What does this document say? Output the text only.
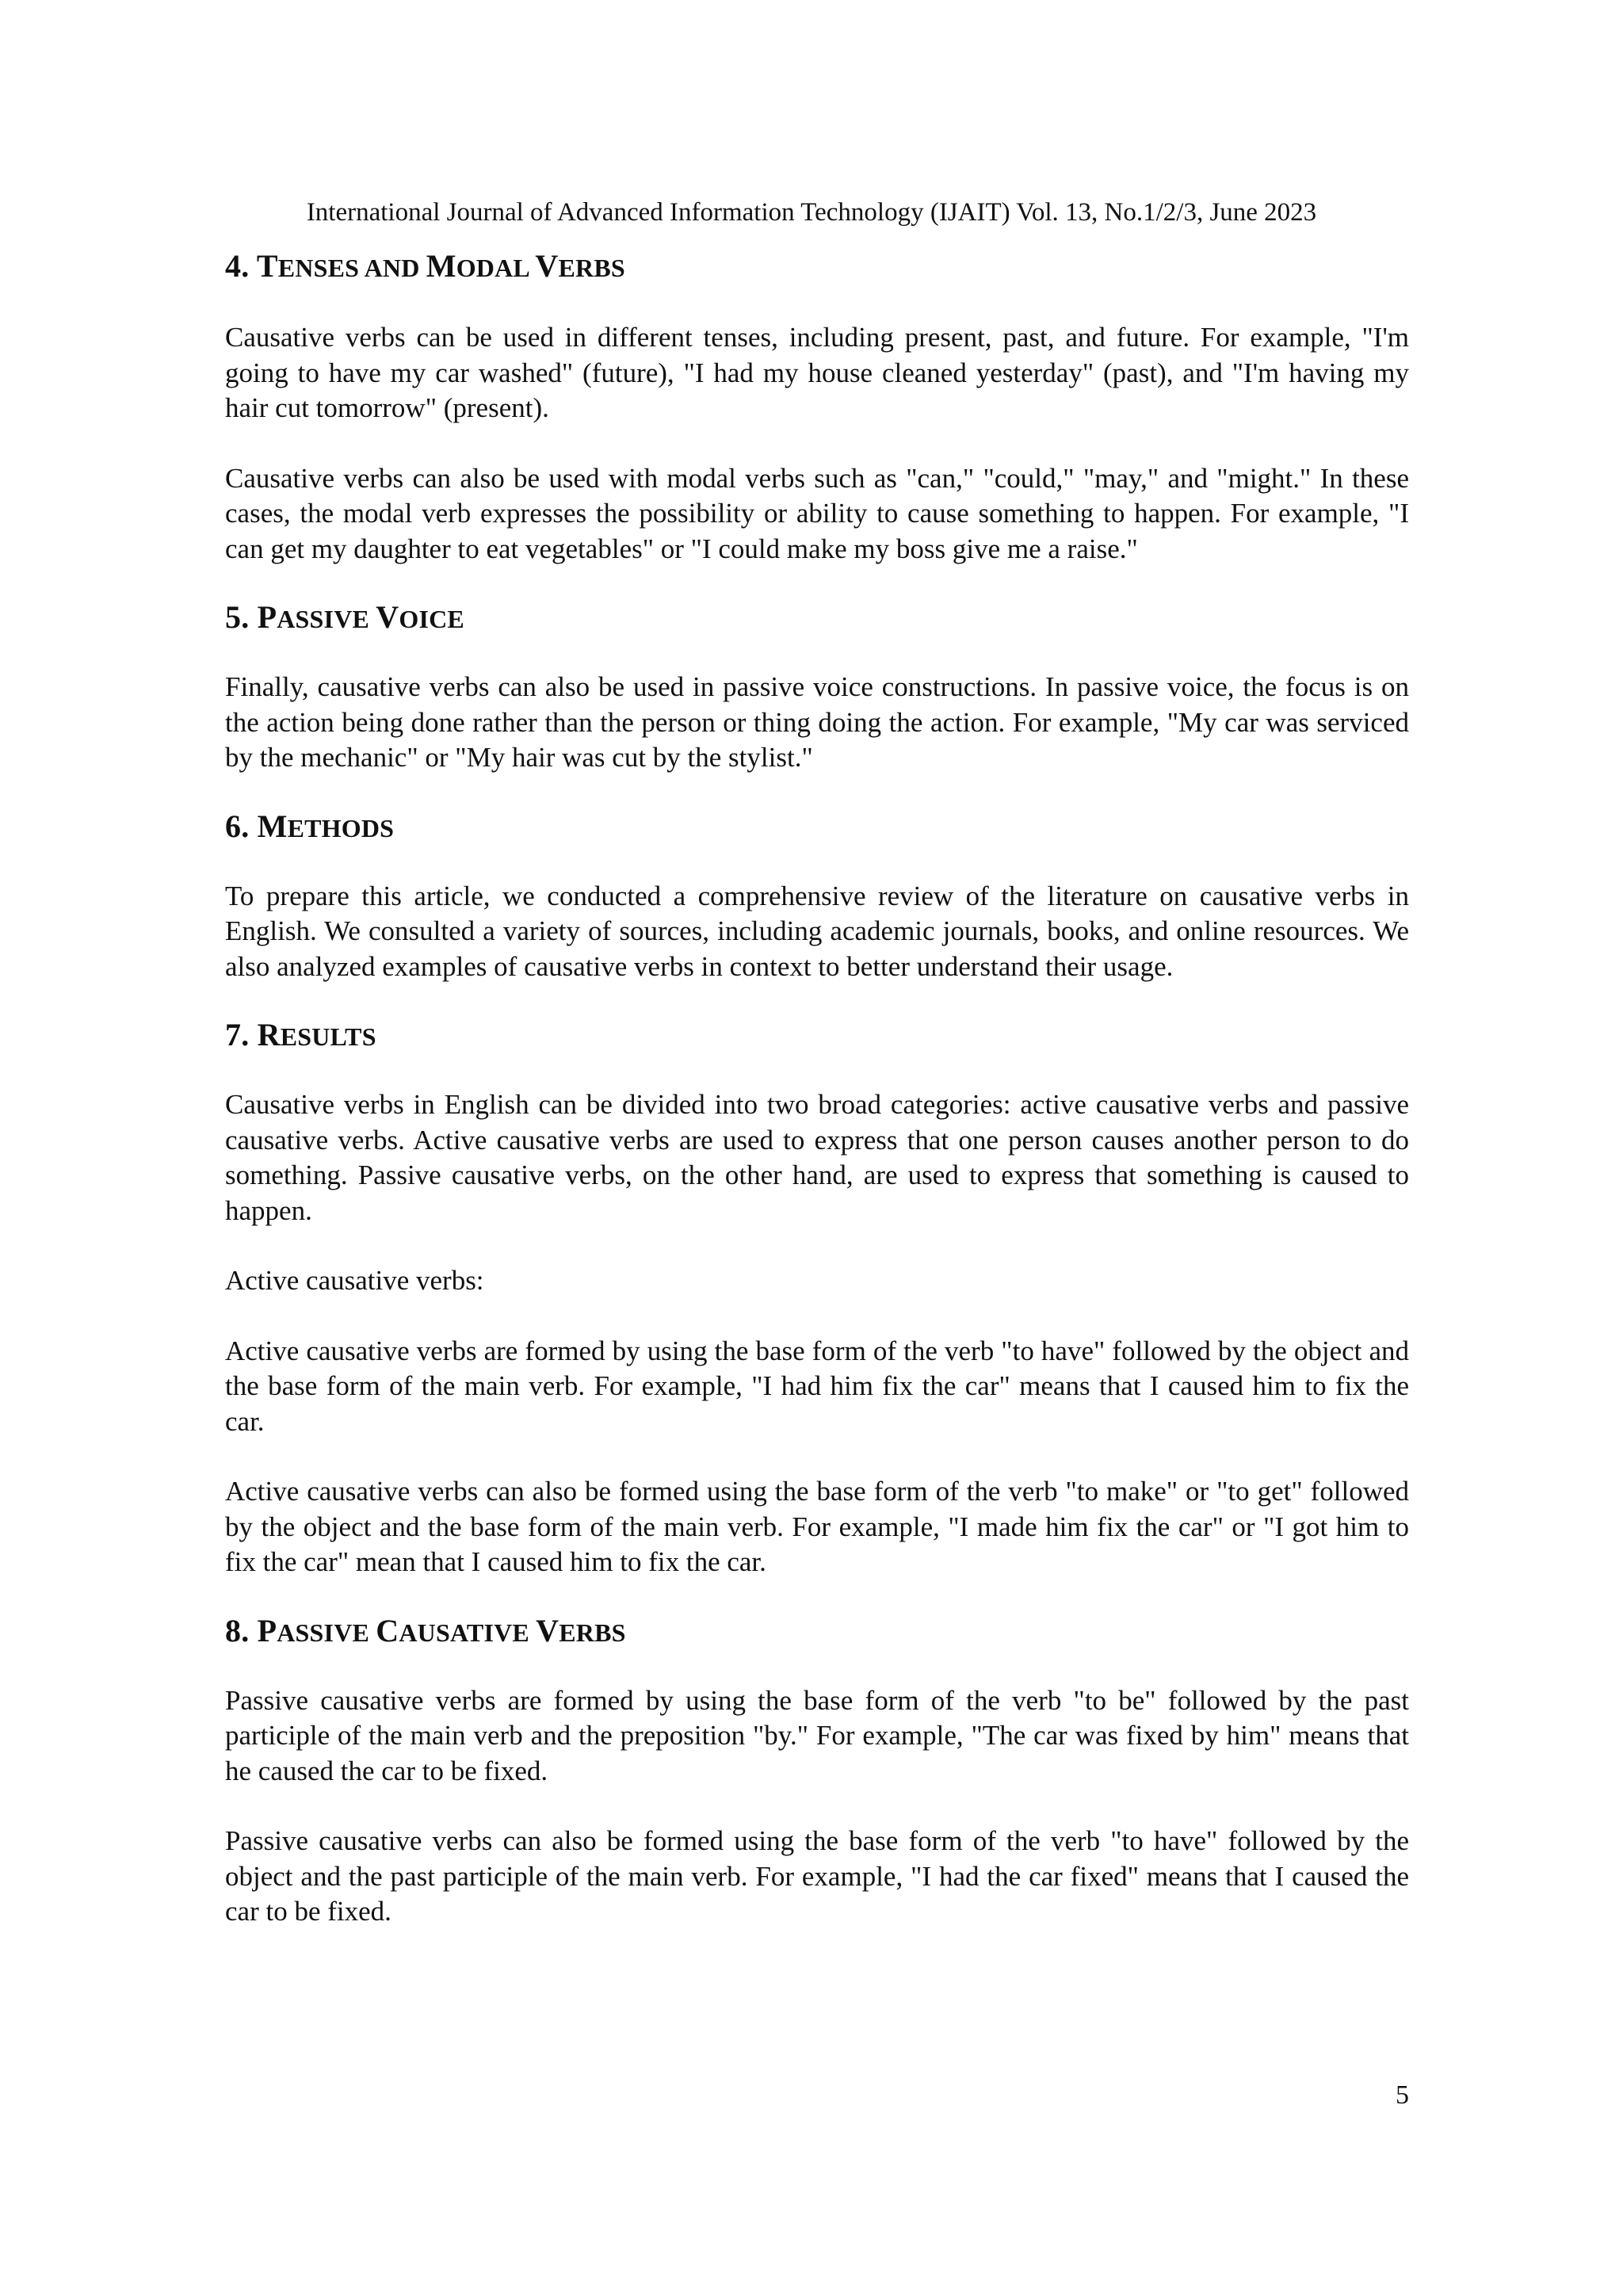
International Journal of Advanced Information Technology (IJAIT) Vol. 13, No.1/2/3, June 2023

4. TENSES AND MODAL VERBS

Causative verbs can be used in different tenses, including present, past, and future. For example, "I'm going to have my car washed" (future), "I had my house cleaned yesterday" (past), and "I'm having my hair cut tomorrow" (present).

Causative verbs can also be used with modal verbs such as "can," "could," "may," and "might." In these cases, the modal verb expresses the possibility or ability to cause something to happen. For example, "I can get my daughter to eat vegetables" or "I could make my boss give me a raise."

5. PASSIVE VOICE

Finally, causative verbs can also be used in passive voice constructions. In passive voice, the focus is on the action being done rather than the person or thing doing the action. For example, "My car was serviced by the mechanic" or "My hair was cut by the stylist."

6. METHODS

To prepare this article, we conducted a comprehensive review of the literature on causative verbs in English. We consulted a variety of sources, including academic journals, books, and online resources. We also analyzed examples of causative verbs in context to better understand their usage.

7. RESULTS

Causative verbs in English can be divided into two broad categories: active causative verbs and passive causative verbs. Active causative verbs are used to express that one person causes another person to do something. Passive causative verbs, on the other hand, are used to express that something is caused to happen.

Active causative verbs:

Active causative verbs are formed by using the base form of the verb "to have" followed by the object and the base form of the main verb. For example, "I had him fix the car" means that I caused him to fix the car.

Active causative verbs can also be formed using the base form of the verb "to make" or "to get" followed by the object and the base form of the main verb. For example, "I made him fix the car" or "I got him to fix the car" mean that I caused him to fix the car.

8. PASSIVE CAUSATIVE VERBS

Passive causative verbs are formed by using the base form of the verb "to be" followed by the past participle of the main verb and the preposition "by." For example, "The car was fixed by him" means that he caused the car to be fixed.

Passive causative verbs can also be formed using the base form of the verb "to have" followed by the object and the past participle of the main verb. For example, "I had the car fixed" means that I caused the car to be fixed.

5
